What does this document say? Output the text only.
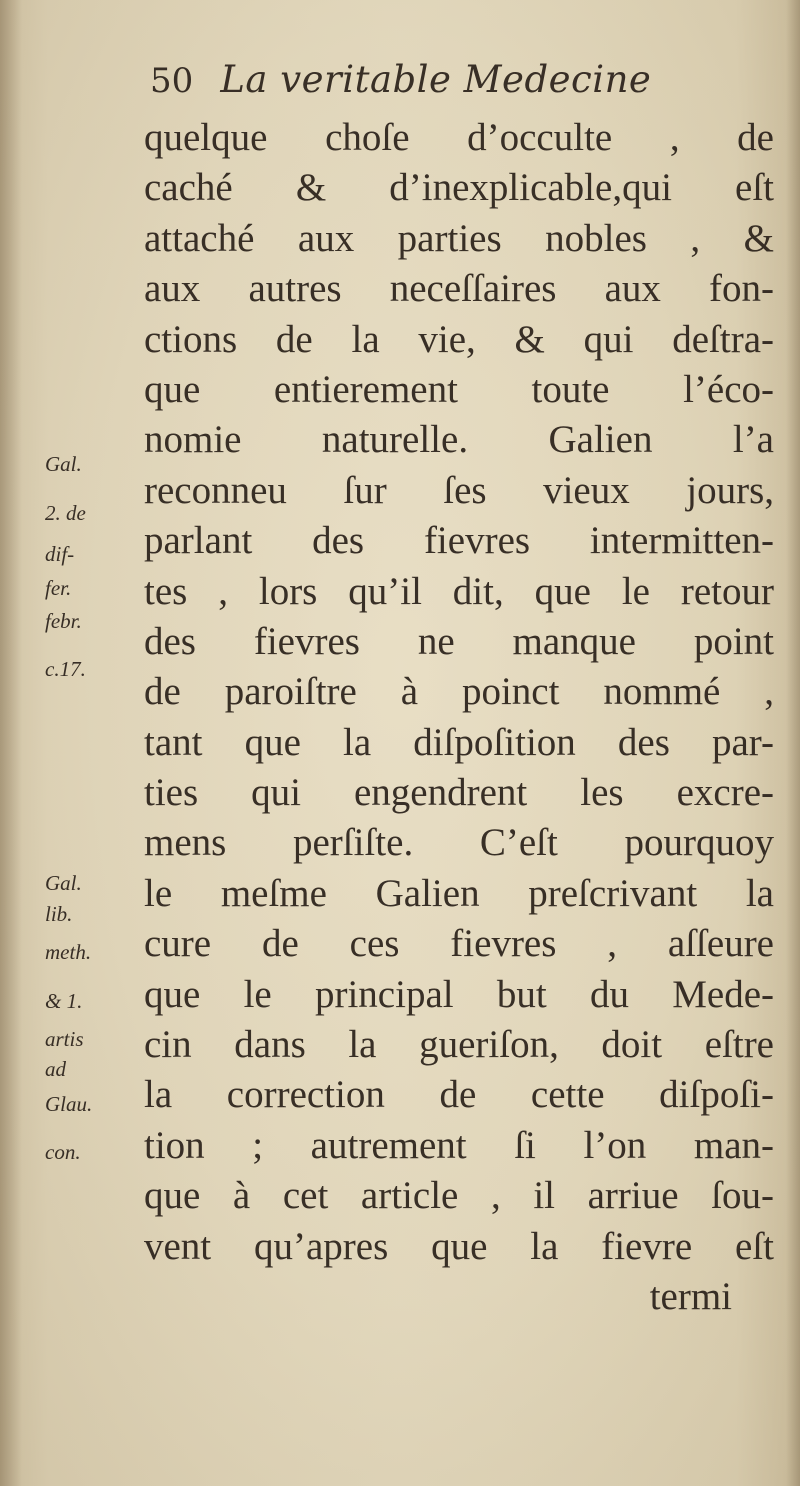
50 La veritable Medecine
quelque choſe d’occulte , de
caché & d’inexplicable,qui eſt
attaché aux parties nobles , &
aux autres neceſſaires aux fon-
ctions de la vie, & qui deſtra-
que entierement toute l’éco-
nomie naturelle. Galien l’a
reconneu ſur ſes vieux jours,
parlant des fievres intermitten-
tes , lors qu’il dit, que le retour
des fievres ne manque point
de paroiſtre à poinct nommé ,
tant que la diſpoſition des par-
ties qui engendrent les excre-
mens perſiſte. C’eſt pourquoy
le meſme Galien preſcrivant la
cure de ces fievres , aſſeure
que le principal but du Mede-
cin dans la gueriſon, doit eſtre
la correction de cette diſpoſi-
tion ; autrement ſi l’on man-
que à cet article , il arriue ſou-
vent qu’apres que la fievre eſt
termi
Gal.
2. de
dif-
fer.
febr.
c.17.
Gal.
lib.
meth.
& 1.
artis
ad
Glau.
con.
